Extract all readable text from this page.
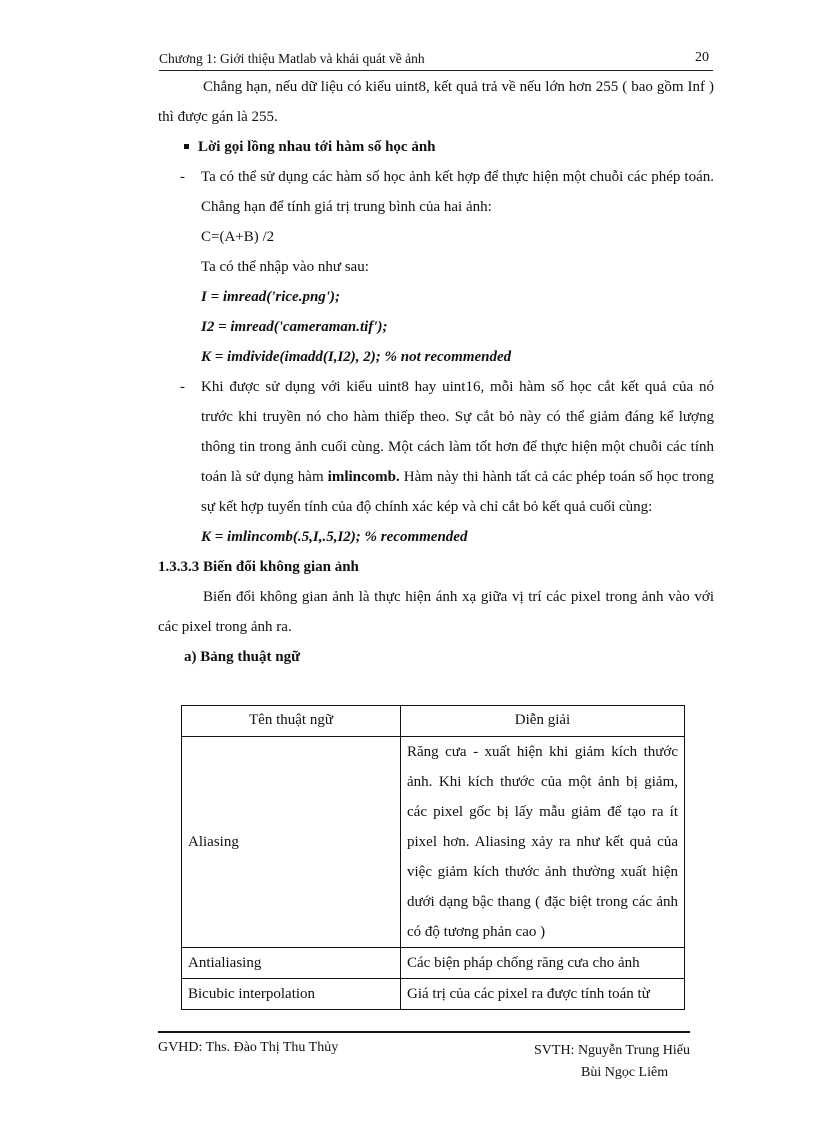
Chương 1: Giới thiệu Matlab và khái quát về ảnh	20

Chẳng hạn, nếu dữ liệu có kiểu uint8, kết quả trả về nếu lớn hơn 255 ( bao gồm Inf ) thì được gán là 255.

Lời gọi lồng nhau tới hàm số học ảnh

- Ta có thể sử dụng các hàm số học ảnh kết hợp để thực hiện một chuỗi các phép toán. Chẳng hạn để tính giá trị trung bình của hai ảnh:

C=(A+B) /2

Ta có thể nhập vào như sau:

I = imread('rice.png');

I2 = imread('cameraman.tif');

K = imdivide(imadd(I,I2), 2); % not recommended

- Khi được sử dụng với kiểu uint8 hay uint16, mỗi hàm số học cắt kết quả của nó trước khi truyền nó cho hàm thiếp theo. Sự cắt bỏ này có thể giảm đáng kể lượng thông tin trong ảnh cuối cùng. Một cách làm tốt hơn để thực hiện một chuỗi các tính toán là sử dụng hàm imlincomb. Hàm này thi hành tất cả các phép toán số học trong sự kết hợp tuyến tính của độ chính xác kép và chỉ cắt bỏ kết quả cuối cùng:

K = imlincomb(.5,I,.5,I2); % recommended

1.3.3.3 Biến đổi không gian ảnh

Biến đổi không gian ảnh là thực hiện ánh xạ giữa vị trí các pixel trong ảnh vào với các pixel trong ảnh ra.

a) Bảng thuật ngữ

Tên thuật ngữ	Diễn giải
Aliasing	Răng cưa - xuất hiện khi giảm kích thước ảnh. Khi kích thước của một ảnh bị giảm, các pixel gốc bị lấy mẫu giảm để tạo ra ít pixel hơn. Aliasing xảy ra như kết quả của việc giảm kích thước ảnh thường xuất hiện dưới dạng bậc thang ( đặc biệt trong các ảnh có độ tương phản cao )
Antialiasing	Các biện pháp chống răng cưa cho ảnh
Bicubic interpolation	Giá trị của các pixel ra được tính toán từ
GVHD: Ths. Đào Thị Thu Thủy	SVTH: Nguyễn Trung Hiếu
Bùi Ngọc Liêm
